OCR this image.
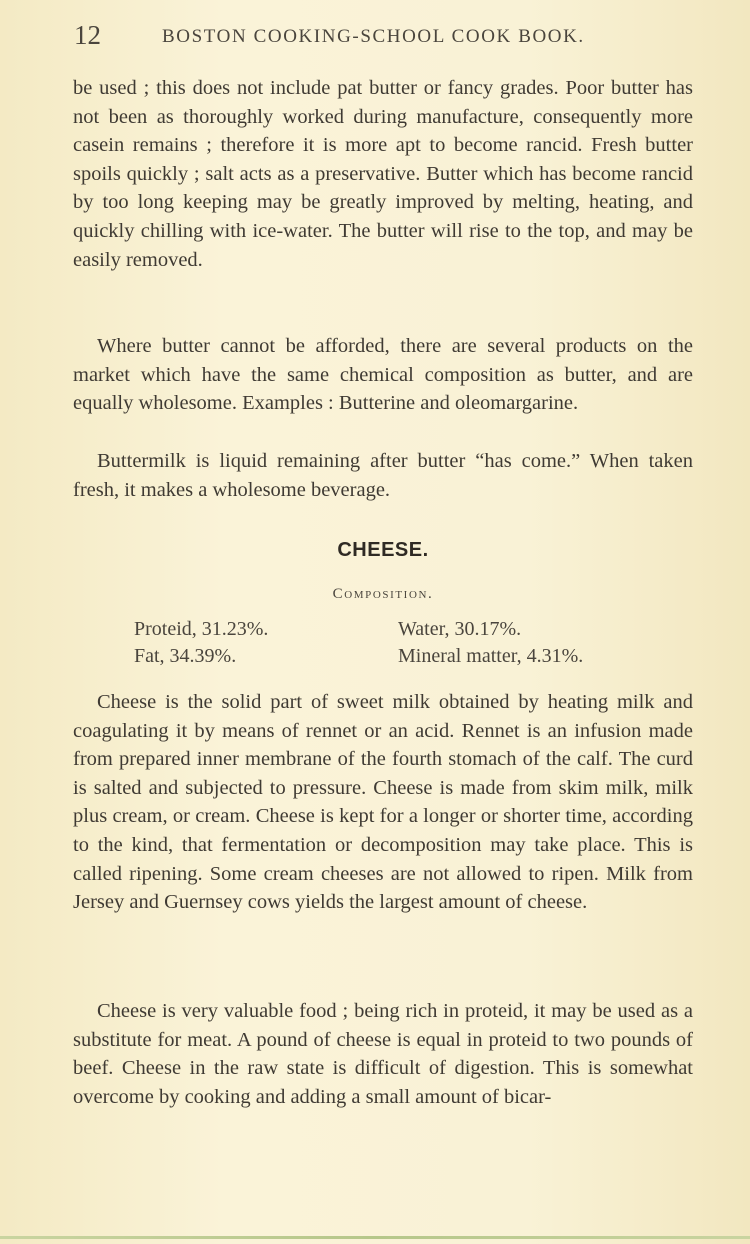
12	BOSTON COOKING-SCHOOL COOK BOOK.

be used ; this does not include pat butter or fancy grades. Poor butter has not been as thoroughly worked during manufacture, consequently more casein remains ; therefore it is more apt to become rancid. Fresh butter spoils quickly ; salt acts as a preservative. Butter which has become rancid by too long keeping may be greatly improved by melting, heating, and quickly chilling with ice-water. The butter will rise to the top, and may be easily removed.

Where butter cannot be afforded, there are several products on the market which have the same chemical composition as butter, and are equally wholesome. Examples : Butterine and oleomargarine.

Buttermilk is liquid remaining after butter “has come.” When taken fresh, it makes a wholesome beverage.

CHEESE.
Composition.
Proteid, 31.23%.	Water, 30.17%.
Fat, 34.39%.	Mineral matter, 4.31%.

Cheese is the solid part of sweet milk obtained by heating milk and coagulating it by means of rennet or an acid. Rennet is an infusion made from prepared inner membrane of the fourth stomach of the calf. The curd is salted and subjected to pressure. Cheese is made from skim milk, milk plus cream, or cream. Cheese is kept for a longer or shorter time, according to the kind, that fermentation or decomposition may take place. This is called ripening. Some cream cheeses are not allowed to ripen. Milk from Jersey and Guernsey cows yields the largest amount of cheese.

Cheese is very valuable food ; being rich in proteid, it may be used as a substitute for meat. A pound of cheese is equal in proteid to two pounds of beef. Cheese in the raw state is difficult of digestion. This is somewhat overcome by cooking and adding a small amount of bicar-
